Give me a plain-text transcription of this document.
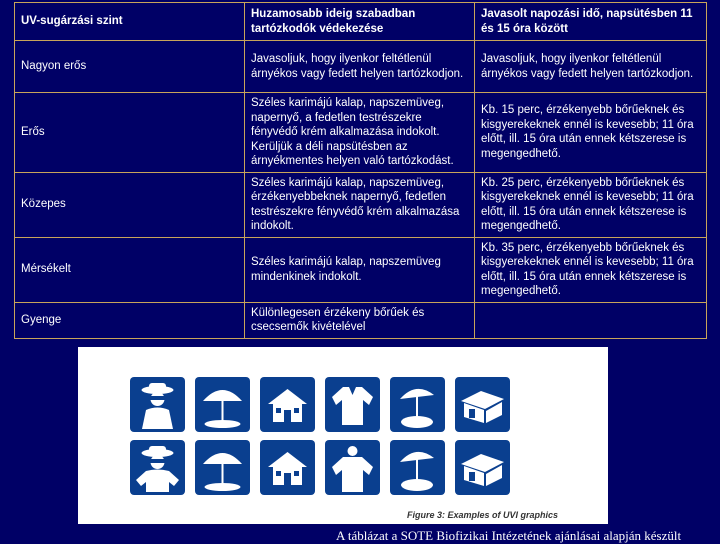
UV-sugárzási szint	Huzamosabb ideig szabadban tartózkodók védekezése	Javasolt napozási idő, napsütésben 11 és 15 óra között
Nagyon erős	Javasoljuk, hogy ilyenkor feltétlenül árnyékos vagy fedett helyen tartózkodjon.	Javasoljuk, hogy ilyenkor feltétlenül árnyékos vagy fedett helyen tartózkodjon.
Erős	Széles karimájú kalap, napszemüveg, napernyő, a fedetlen testrészekre fényvédő krém alkalmazása indokolt. Kerüljük a déli napsütésben az árnyékmentes helyen való tartózkodást.	Kb. 15 perc, érzékenyebb bőrűeknek és kisgyerekeknek ennél is kevesebb; 11 óra előtt, ill. 15 óra után ennek kétszerese is megengedhető.
Közepes	Széles karimájú kalap, napszemüveg, érzékenyebbeknek napernyő, fedetlen testrészekre fényvédő krém alkalmazása indokolt.	Kb. 25 perc, érzékenyebb bőrűeknek és kisgyerekeknek ennél is kevesebb; 11 óra előtt, ill. 15 óra után ennek kétszerese is megengedhető.
Mérsékelt	Széles karimájú kalap, napszemüveg mindenkinek indokolt.	Kb. 35 perc, érzékenyebb bőrűeknek és kisgyerekeknek ennél is kevesebb; 11 óra előtt, ill. 15 óra után ennek kétszerese is megengedhető.
Gyenge	Különlegesen érzékeny bőrűek és csecsemők kivételével	
Figure 3: Examples of UVI graphics
A táblázat a SOTE Biofizikai Intézetének ajánlásai alapján készült
